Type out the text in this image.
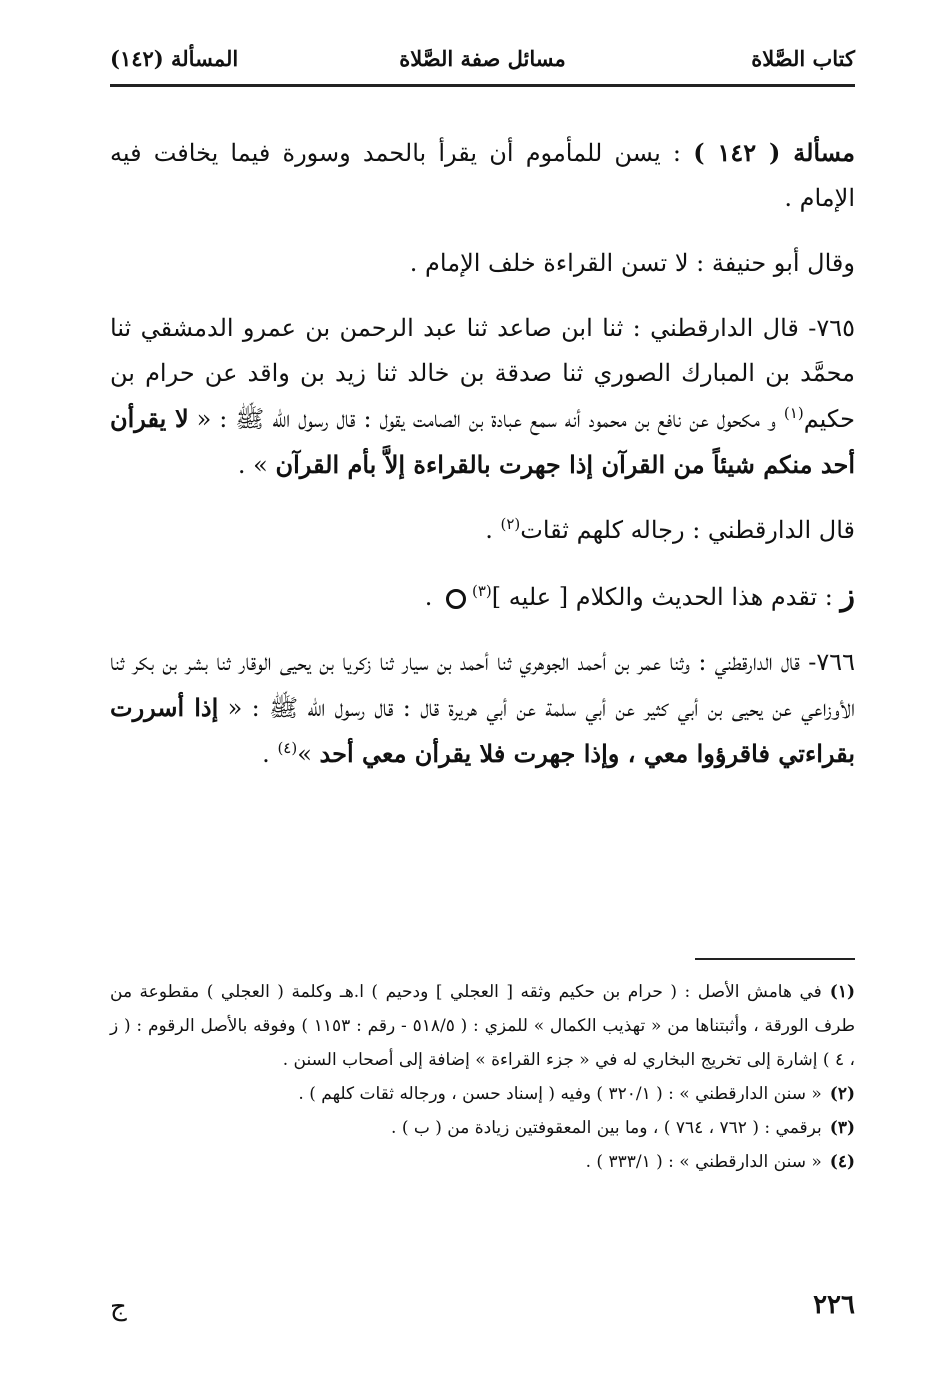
كتاب الصَّلاة
مسائل صفة الصَّلاة
المسألة (١٤٢)

مسألة ( ١٤٢ ) : يسن للمأموم أن يقرأ بالحمد وسورة فيما يخافت فيه الإمام .

وقال أبو حنيفة : لا تسن القراءة خلف الإمام .

٧٦٥- قال الدارقطني : ثنا ابن صاعد ثنا عبد الرحمن بن عمرو الدمشقي ثنا محمَّد بن المبارك الصوري ثنا صدقة بن خالد ثنا زيد بن واقد عن حرام بن حكيم$^{(١)}$ و مكحول عن نافع بن محمود أنه سمع عبادة بن الصامت يقول : قال رسول الله ﷺ : « لا يقرأن أحد منكم شيئاً من القرآن إذا جهرت بالقراءة إلاَّ بأم القرآن » .

قال الدارقطني : رجاله كلهم ثقات$^{(٢)}$ .

ز : تقدم هذا الحديث والكلام [ عليه ]$^{(٣)}$ .

٧٦٦- قال الدارقطني : وثنا عمر بن أحمد الجوهري ثنا أحمد بن سيار ثنا زكريا بن يحيى الوقار ثنا بشر بن بكر ثنا الأوزاعي عن يحيى بن أبي كثير عن أبي سلمة عن أبي هريرة قال : قال رسول الله ﷺ : « إذا أسررت بقراءتي فاقرؤوا معي ، وإذا جهرت فلا يقرأن معي أحد »$^{(٤)}$ .

(١)في هامش الأصل : ( حرام بن حكيم وثقه [ العجلي ] ودحيم ) ا.هـ وكلمة ( العجلي ) مقطوعة من طرف الورقة ، وأثبتناها من « تهذيب الكمال » للمزي : ( ٥١٨/٥ - رقم : ١١٥٣ ) وفوقه بالأصل الرقوم : ( ز ، ٤ ) إشارة إلى تخريج البخاري له في « جزء القراءة » إضافة إلى أصحاب السنن .
(٢)« سنن الدارقطني » : ( ٣٢٠/١ ) وفيه ( إسناد حسن ، ورجاله ثقات كلهم ) .
(٣)برقمي : ( ٧٦٢ ، ٧٦٤ ) ، وما بين المعقوفتين زيادة من ( ب ) .
(٤)« سنن الدارقطني » : ( ٣٣٣/١ ) .
٢٢٦
ج
